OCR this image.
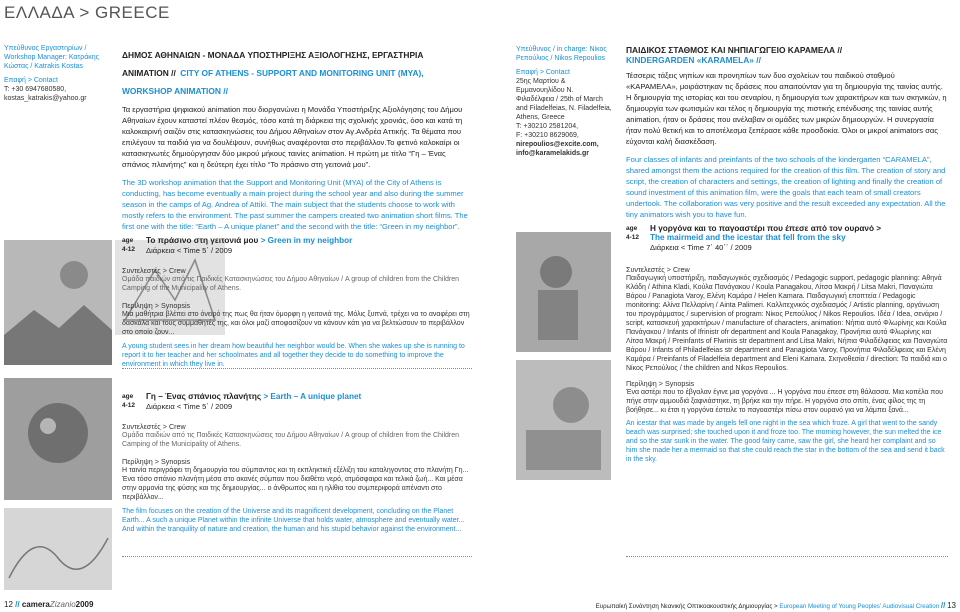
ΕΛΛΑΔΑ > GREECE

Υπεύθυνος Εργαστηρίων / Workshop Manager: Κατράκης Κώστας / Katrakis Kostas

Επαφή > Contact

T: +30 6947680580,

kostas_katrakis@yahoo.gr

ΔΗΜΟΣ ΑΘΗΝΑΙΩΝ - ΜΟΝΑΔΑ ΥΠΟΣΤΗΡΙΞΗΣ ΑΞΙΟΛΟΓΗΣΗΣ, ΕΡΓΑΣΤΗΡΙΑ ANIMATION //

CITY OF ATHENS - SUPPORT AND MONITORING UNIT (MYA), WORKSHOP ANIMATION //

Τα εργαστήρια ψηφιακού animation που διοργανώνει η Μονάδα Υποστήριξης Αξιολόγησης του Δήμου Αθηναίων έχουν καταστεί πλέον θεσμός, τόσο κατά τη διάρκεια της σχολικής χρονιάς, όσο και κατά τη καλοκαιρινή σαιζόν στις κατασκηνώσεις του Δήμου Αθηναίων στον Αγ.Ανδρέα Αττικής. Τα θέματα που επιλέγουν τα παιδιά για να δουλέψουν, συνήθως αναφέρονται στο περιβάλλον.Το φετινό καλοκαίρι οι κατασκηνωτές δημιούργησαν δύο μικρού μήκους ταινίες animation. Η πρώτη με τίτλο “Γη – Ένας σπάνιος πλανήτης” και η δεύτερη έχει τίτλο “Το πράσινο στη γειτονιά μου”.

The 3D workshop animation that the Support and Monitoring Unit (MYA) of the City of Athens is conducting, has become eventually a main project during the school year and also during the summer season in the camps of Ag. Andrea of Attiki. The main subject that the students choose to work with mostly refers to the environment. The past summer the campers created two animation short films. The first one with the title: “Earth – A unique planet” and the second with the title: “Green in my neighbor”.

age

4-12

Το πράσινο στη γειτονιά μου > Green in my neighbor

Διάρκεια < Time 5΄ / 2009

Συντελεστές > Crew

Ομάδα παιδιών από τις Παιδικές Κατασκηνώσεις του Δήμου Αθηναίων / A group of children from the Children Camping of the Municipality of Athens.

Περίληψη > Synopsis

Μια μαθήτρια βλέπει στο όνειρό της πως θα ήταν όμορφη η γειτονιά της. Μόλις ξυπνά, τρέχει να το αναφέρει στη δασκάλα και τους συμμαθητές της, και όλοι μαζί αποφασίζουν να κάνουν κάτι για να βελτιώσουν το περιβάλλον στο οποίο ζουν...

A young student sees in her dream how beautiful her neighbor would be. When she wakes up she is running to report it to her teacher and her schoolmates and all together they decide to do something to improve the environment in which they live in.

age

4-12

Γη – Ένας σπάνιος πλανήτης > Earth – A unique planet

Διάρκεια < Time 5΄ / 2009

Συντελεστές > Crew

Ομάδα παιδιών από τις Παιδικές Κατασκηνώσεις του Δήμου Αθηναίων / A group of children from the Children Camping of the Municipality of Athens.

Περίληψη > Synopsis

Η ταινία περιγράφει τη δημιουργία του σύμπαντος και τη εκπληκτική εξέλιξη του καταληγοντας στο πλανήτη Γη... Ένα τόσο σπάνιο πλανήτη μέσα στο ακανές σύμπαν που διαθέτει νερό, ατμόσφαιρα και τελικά ζωή... Και μέσα στην αρμονία της φύσης και της δημιουργίας... ο άνθρωπος και η ηλίθια του συμπεριφορά απέναντι στο περιβάλλον...

The film focuses on the creation of the Universe and its magnificent development, concluding on the Planet Earth... A such a unique Planet within the infinite Universe that holds water, atmosphere and eventually water... And within the tranquility of nature and creation, the human and his stupid behavior against the environment...

Υπεύθυνος / in charge: Νίκος Ρεπούλιος / Nikos Repoulios

Επαφή > Contact

25ης Μαρτίου & Εμμανουηλίδου Ν. Φιλαδέλφεια / 25th of March and Filadelfeias, N. Filadelfeia, Athens, Greece

T: +30210 2581204,

F: +30210 8629069,

nirepoulios@excite.com,

info@karamelakids.gr

ΠΑΙΔΙΚΟΣ ΣΤΑΘΜΟΣ ΚΑΙ ΝΗΠΙΑΓΩΓΕΙΟ ΚΑΡΑΜΕΛΑ //

KINDERGARDEN «KARAMELA» //

Τέσσερις τάξεις νηπίων και προνηπίων των δυο σχολείων του παιδικού σταθμού «ΚΑΡΑΜΕΛΑ», μοιράστηκαν τις δράσεις που απαιτούνταν για τη δημιουργία της ταινίας αυτής. Η δημιουργία της ιστορίας και του σεναρίου, η δημιουργία των χαρακτήρων και των σκηνικών, η δημιουργία των φωτισμών και τέλος η δημιουργία της πιστικής επένδυσης της ταινίας αυτής animation, ήταν οι δράσεις που ανέλαβαν οι ομάδες των μικρών δημιουργών. Η συνεργασία ήταν πολύ θετική και το αποτέλεσμα ξεπέρασε κάθε προσδοκία. Όλοι οι μικροί animators σας εύχονται καλή διασκέδαση.

Four classes of infants and preinfants of the two schools of the kindergarten “CARAMELA”, shared amongst them the actions required for the creation of this film. The creation of story and script, the creation of characters and settings, the creation of lighting and finally the creation of sound investment of this animation film, were the goals that each team of small creators undertook. The collaboration was very positive and the result exceeded any expectation. All the tiny animators wish you to have fun.

age

4-12

Η γοργόνα και το παγοαστέρι που έπεσε από τον ουρανό >

The mairmeid and the icestar that fell from the sky

Διάρκεια < Time 7΄ 40΄΄ / 2009

Συντελεστές > Crew

Παιδαγωγική υποστήριξη, παιδαγωγικός σχεδιασμός / Pedagogic support, pedagogic planning: Αθηνά Κλάδη / Athina Kladi, Κούλα Πανάγακου / Koula Panagakou, Λίτσα Μακρή / Litsa Makri, Παναγιώτα Βάρου / Panagiota Varoy, Ελένη Καμάρα / Helen Kamara. Παιδαγωγική εποπτεία / Pedagogic monitoring: Αλίνα Πελλαρίνη / Ainta Palimeri. Καλλιτεχνικός σχεδιασμός / Artistic planning, οργάνωση του προγράμματος / supervision of program: Νίκος Ρεπούλιος / Nikos Repoulios. Ιδέα / Idea, σενάριο / script, κατασκευή χαρακτήρων / manufacture of characters, animation: Νήπια αυτό Φλωρίνης και Κούλα Πανάγακου / Infants of Ifrinistr ofr department and Koula Panagakoy, Προνήπια αυτό Φλωρίνης και Λίτσα Μακρή / Preinfants of Flwrinis str department and Litsa Makri, Νήπια Φιλαδέλφειας και Παναγιώτα Βάρου / Infants of Philadelfeias str department and Panagiota Varoy, Προνήπια Φιλαδέλφειας και Ελένη Καμάρα / Preinfants of Filadelfeia department and Eleni Kamara. Σκηνοθεσία / direction: Τα παιδιά και ο Νίκος Ρεπούλιος / the children and Nikos Repoulios.

Περίληψη > Synopsis

Ένα αστέρι που το έβγαλαν έγινε μια γοργόνα ... Η γοργόνα που έπεσε στη θάλασσα. Μια κοπέλα που πήγε στην αμμουδιά ξαφνιάστηκε, τη βρήκε και την πήρε. Η γοργόνα στο σπίτι, ένας φίλος της τη βοήθησε... κι έτσι η γοργόνα έστειλε το παγοαστέρι πίσω στον ουρανό για να λάμπει ξανά...

An icestar that was made by angels fell one night in the sea which froze. A girl that went to the sandy beach was surprised; she touched upon it and froze too. The morning however, the sun melted the ice and so the star sunk in the water. The good fairy came, saw the girl, she heard her complaint and so him she made her a mermaid so that she could reach the star in the bottom of the sea and send it back in the sky.

12 // cameraZizanio2009	Ευρωπαϊκή Συνάντηση Νεανικής Οπτικοακουστικής Δημιουργίας > European Meeting of Young Peoples' Audiovisual Creation // 13
